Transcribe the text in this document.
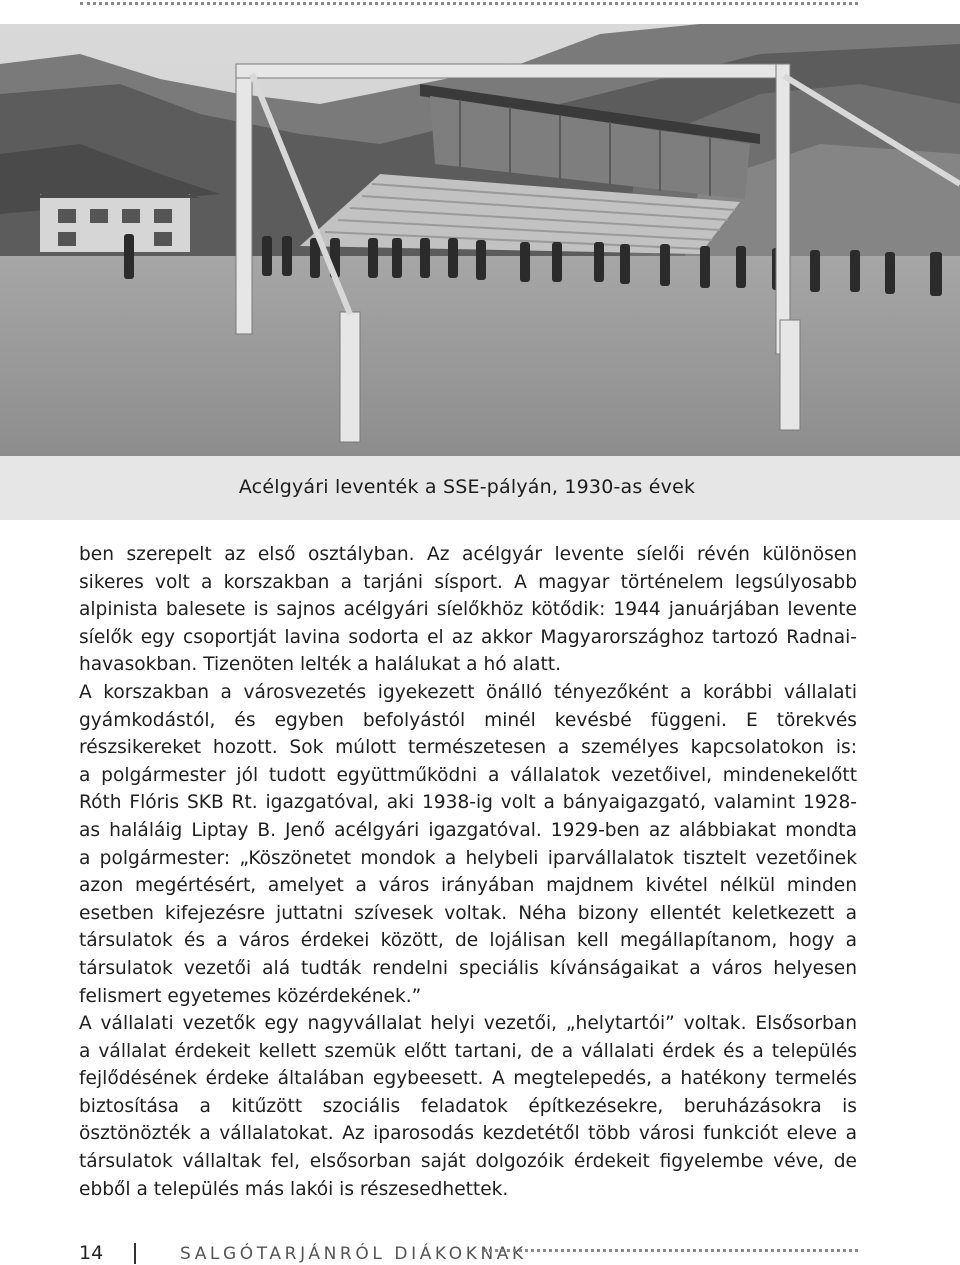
Acélgyári leventék a SSE-pályán, 1930-as évek

ben szerepelt az első osztályban. Az acélgyár levente síelői révén különösen

sikeres volt a korszakban a tarjáni sísport. A magyar történelem legsúlyosabb

alpinista balesete is sajnos acélgyári síelőkhöz kötődik: 1944 januárjában levente

síelők egy csoportját lavina sodorta el az akkor Magyarországhoz tartozó Radnai-

havasokban. Tizenöten lelték a halálukat a hó alatt.

A korszakban a városvezetés igyekezett önálló tényezőként a korábbi vállalati

gyámkodástól, és egyben befolyástól minél kevésbé függeni. E törekvés

részsikereket hozott. Sok múlott természetesen a személyes kapcsolatokon is:

a polgármester jól tudott együttműködni a vállalatok vezetőivel, mindenekelőtt

Róth Flóris SKB Rt. igazgatóval, aki 1938-ig volt a bányaigazgató, valamint 1928-

as haláláig Liptay B. Jenő acélgyári igazgatóval. 1929-ben az alábbiakat mondta

a polgármester: „Köszönetet mondok a helybeli iparvállalatok tisztelt vezetőinek

azon megértésért, amelyet a város irányában majdnem kivétel nélkül minden

esetben kifejezésre juttatni szívesek voltak. Néha bizony ellentét keletkezett a

társulatok és a város érdekei között, de lojálisan kell megállapítanom, hogy a

társulatok vezetői alá tudták rendelni speciális kívánságaikat a város helyesen

felismert egyetemes közérdekének.”

A vállalati vezetők egy nagyvállalat helyi vezetői, „helytartói” voltak. Elsősorban

a vállalat érdekeit kellett szemük előtt tartani, de a vállalati érdek és a település

fejlődésének érdeke általában egybeesett. A megtelepedés, a hatékony termelés

biztosítása a kitűzött szociális feladatok építkezésekre, beruházásokra is

ösztönözték a vállalatokat. Az iparosodás kezdetétől több városi funkciót eleve a

társulatok vállaltak fel, elsősorban saját dolgozóik érdekeit figyelembe véve, de

ebből a település más lakói is részesedhettek.

14	SALGÓTARJÁNRÓL DIÁKOKNAK
